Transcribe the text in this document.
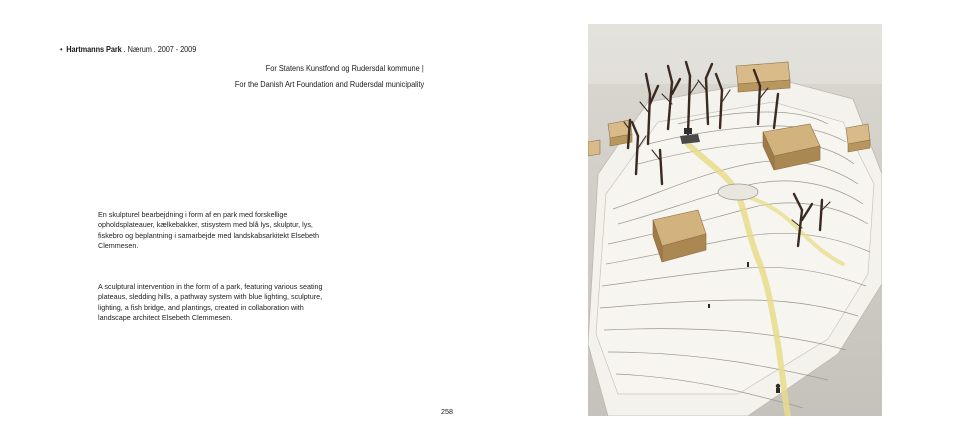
• Hartmanns Park . Nærum . 2007 - 2009
For Statens Kunstfond og Rudersdal kommune |
For the Danish Art Foundation and Rudersdal municipality
En skulpturel bearbejdning i form af en park med forskellige opholdsplateauer, kælkebakker, stisystem med blå lys, skulptur, lys, fiskebro og beplantning i samarbejde med landskabsarkitekt Elsebeth Clemmesen.
A sculptural intervention in the form of a park, featuring various seating plateaus, sledding hills, a pathway system with blue lighting, sculpture, lighting, a fish bridge, and plantings, created in collaboration with landscape architect Elsebeth Clemmesen.
258
